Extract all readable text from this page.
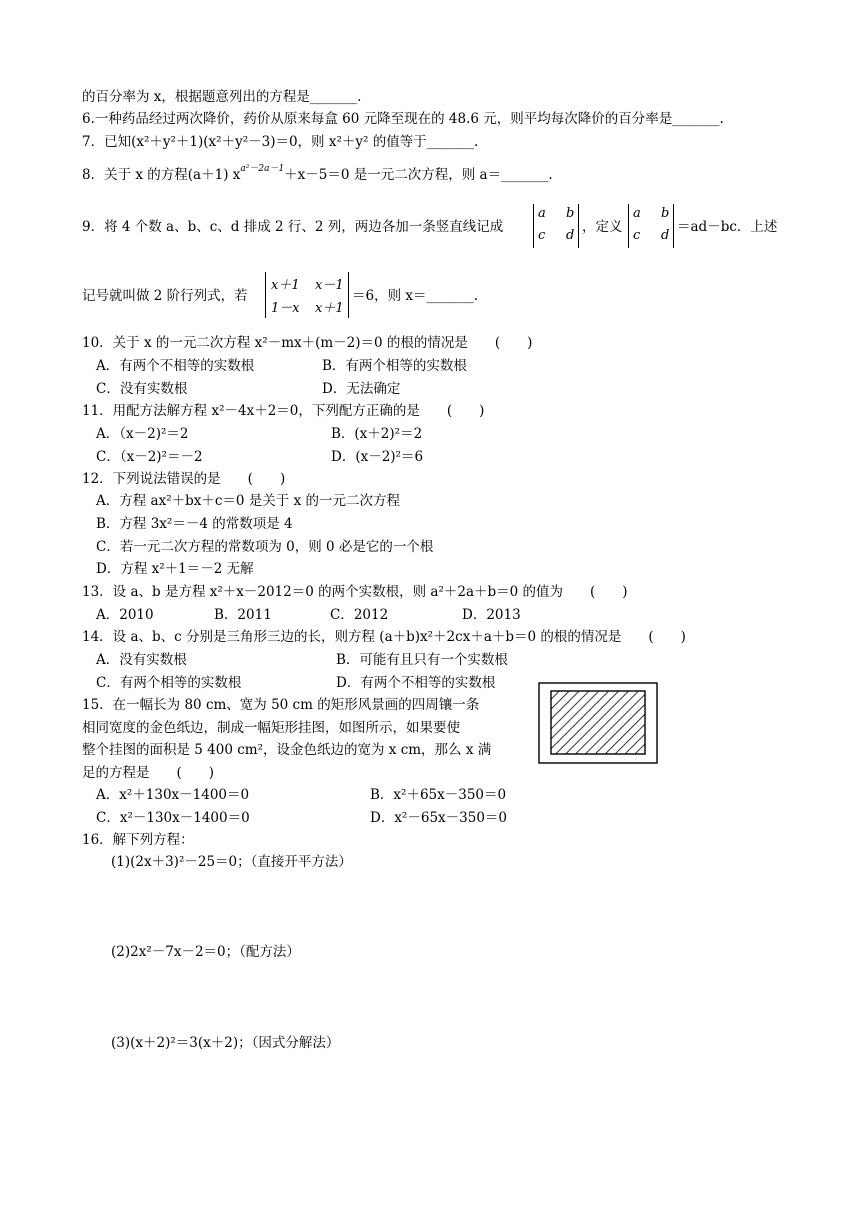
的百分率为 x，根据题意列出的方程是_______.
6.一种药品经过两次降价，药价从原来每盒 60 元降至现在的 48.6 元，则平均每次降价的百分率是_______.
7．已知(x²＋y²＋1)(x²＋y²－3)＝0，则 x²＋y² 的值等于_______.
8．关于 x 的方程(a＋1) $x^{a^2-2a-1}+x-5=0$ 是一元二次方程，则 a＝_______.
9．将 4 个数 a、b、c、d 排成 2 行、2 列，两边各加一条竖直线记成
a b
c d
，定义
a b
c d
＝ad－bc．上述
记号就叫做 2 阶行列式，若
x＋1 x－1
1－x x＋1
＝6，则 x＝_______.
10．关于 x 的一元二次方程 x²－mx＋(m－2)＝0 的根的情况是　　(　　)
A．有两个不相等的实数根	B．有两个相等的实数根
C．没有实数根	D．无法确定
11．用配方法解方程 x²－4x＋2＝0，下列配方正确的是　　(　　)
A．（x－2)²＝2	B．(x＋2)²＝2
C．（x－2)²＝－2	D．(x－2)²＝6
12．下列说法错误的是　　(　　)
A．方程 ax²＋bx＋c＝0 是关于 x 的一元二次方程
B．方程 3x²＝－4 的常数项是 4
C．若一元二次方程的常数项为 0，则 0 必是它的一个根
D．方程 x²＋1＝－2 无解
13．设 a、b 是方程 x²＋x－2012＝0 的两个实数根，则 a²＋2a＋b＝0 的值为　　(　　)
A．2010	B．2011	C．2012	D．2013
14．设 a、b、c 分别是三角形三边的长，则方程 (a＋b)x²＋2cx＋a＋b＝0 的根的情况是　　(　　)
A．没有实数根	B．可能有且只有一个实数根
C．有两个相等的实数根	D．有两个不相等的实数根
15．在一幅长为 80 cm、宽为 50 cm 的矩形风景画的四周镶一条
相同宽度的金色纸边，制成一幅矩形挂图，如图所示，如果要使
整个挂图的面积是 5 400 cm²，设金色纸边的宽为 x cm，那么 x 满
足的方程是　　(　　)
A．x²＋130x－1400＝0	B．x²＋65x－350＝0
C．x²－130x－1400＝0	D．x²－65x－350＝0
16．解下列方程：
(1)(2x＋3)²－25＝0；（直接开平方法）
(2)2x²－7x－2＝0；（配方法）
(3)(x＋2)²＝3(x＋2)；（因式分解法）
